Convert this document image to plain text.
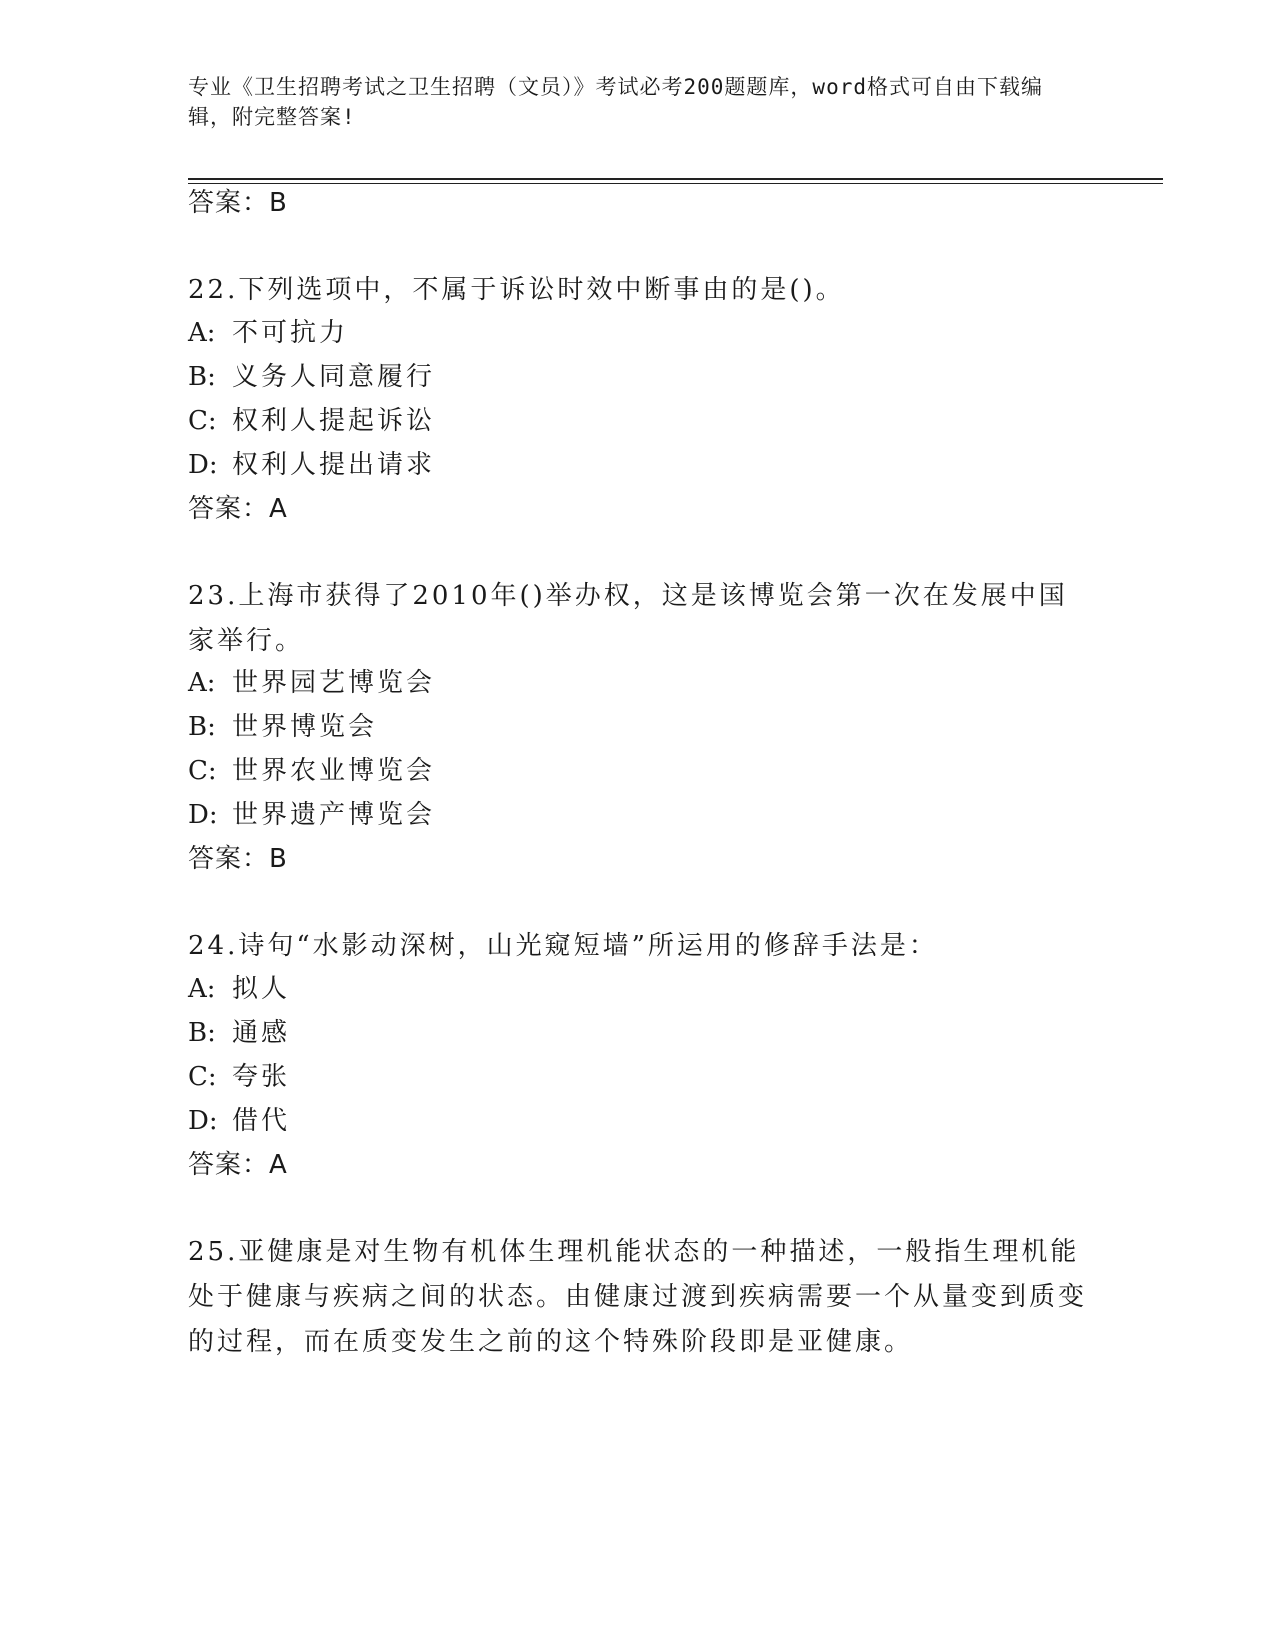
专业《卫生招聘考试之卫生招聘（文员）》考试必考200题题库，word格式可自由下载编辑，附完整答案!
答案：B
22.下列选项中，不属于诉讼时效中断事由的是()。
A: 不可抗力
B: 义务人同意履行
C: 权利人提起诉讼
D: 权利人提出请求
答案：A
23.上海市获得了2010年()举办权，这是该博览会第一次在发展中国家举行。
A: 世界园艺博览会
B: 世界博览会
C: 世界农业博览会
D: 世界遗产博览会
答案：B
24.诗句“水影动深树，山光窥短墙”所运用的修辞手法是：
A: 拟人
B: 通感
C: 夸张
D: 借代
答案：A
25.亚健康是对生物有机体生理机能状态的一种描述，一般指生理机能处于健康与疾病之间的状态。由健康过渡到疾病需要一个从量变到质变的过程，而在质变发生之前的这个特殊阶段即是亚健康。
